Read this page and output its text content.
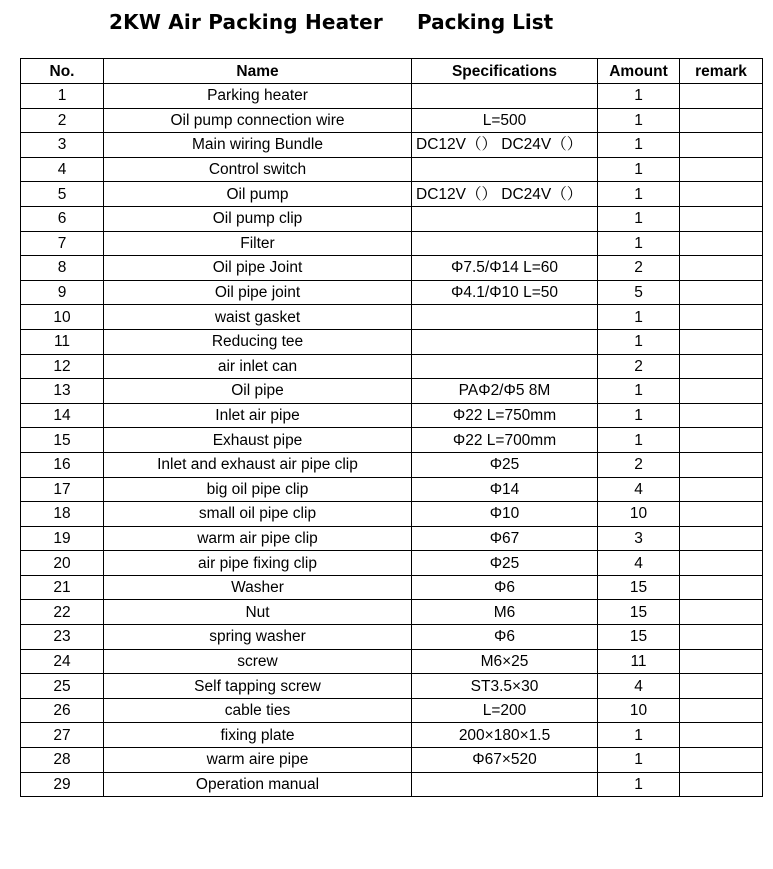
2KW Air Packing Heater Packing List
No.	Name	Specifications	Amount	remark
1	Parking heater		1	
2	Oil pump connection wire	L=500	1	
3	Main wiring Bundle	DC12V（） DC24V（）	1	
4	Control switch		1	
5	Oil pump	DC12V（） DC24V（）	1	
6	Oil pump clip		1	
7	Filter		1	
8	Oil pipe Joint	Φ7.5/Φ14 L=60	2	
9	Oil pipe joint	Φ4.1/Φ10 L=50	5	
10	waist gasket		1	
11	Reducing tee		1	
12	air inlet can		2	
13	Oil pipe	PAΦ2/Φ5 8M	1	
14	Inlet air pipe	Φ22 L=750mm	1	
15	Exhaust pipe	Φ22 L=700mm	1	
16	Inlet and exhaust air pipe clip	Φ25	2	
17	big oil pipe clip	Φ14	4	
18	small oil pipe clip	Φ10	10	
19	warm air pipe clip	Φ67	3	
20	air pipe fixing clip	Φ25	4	
21	Washer	Φ6	15	
22	Nut	M6	15	
23	spring washer	Φ6	15	
24	screw	M6×25	11	
25	Self tapping screw	ST3.5×30	4	
26	cable ties	L=200	10	
27	fixing plate	200×180×1.5	1	
28	warm aire pipe	Φ67×520	1	
29	Operation manual		1	
